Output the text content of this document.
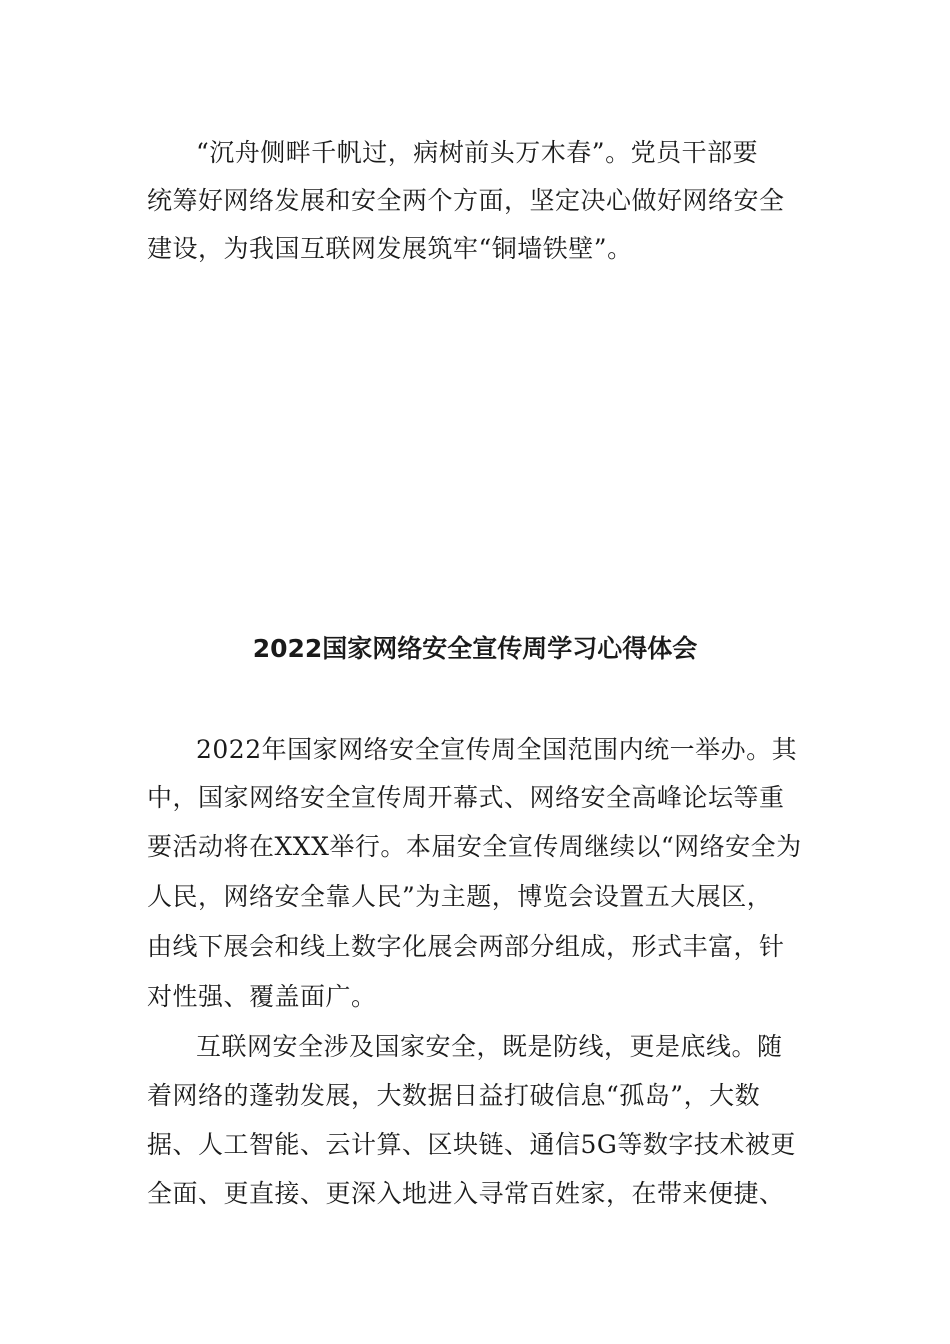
“沉舟侧畔千帆过，病树前头万木春”。党员干部要
统筹好网络发展和安全两个方面，坚定决心做好网络安全
建设，为我国互联网发展筑牢“铜墙铁壁”。
2022国家网络安全宣传周学习心得体会
2022年国家网络安全宣传周全国范围内统一举办。其
中，国家网络安全宣传周开幕式、网络安全高峰论坛等重
要活动将在XXX举行。本届安全宣传周继续以“网络安全为
人民，网络安全靠人民”为主题，博览会设置五大展区，
由线下展会和线上数字化展会两部分组成，形式丰富，针
对性强、覆盖面广。
互联网安全涉及国家安全，既是防线，更是底线。随
着网络的蓬勃发展，大数据日益打破信息“孤岛”，大数
据、人工智能、云计算、区块链、通信5G等数字技术被更
全面、更直接、更深入地进入寻常百姓家，在带来便捷、
